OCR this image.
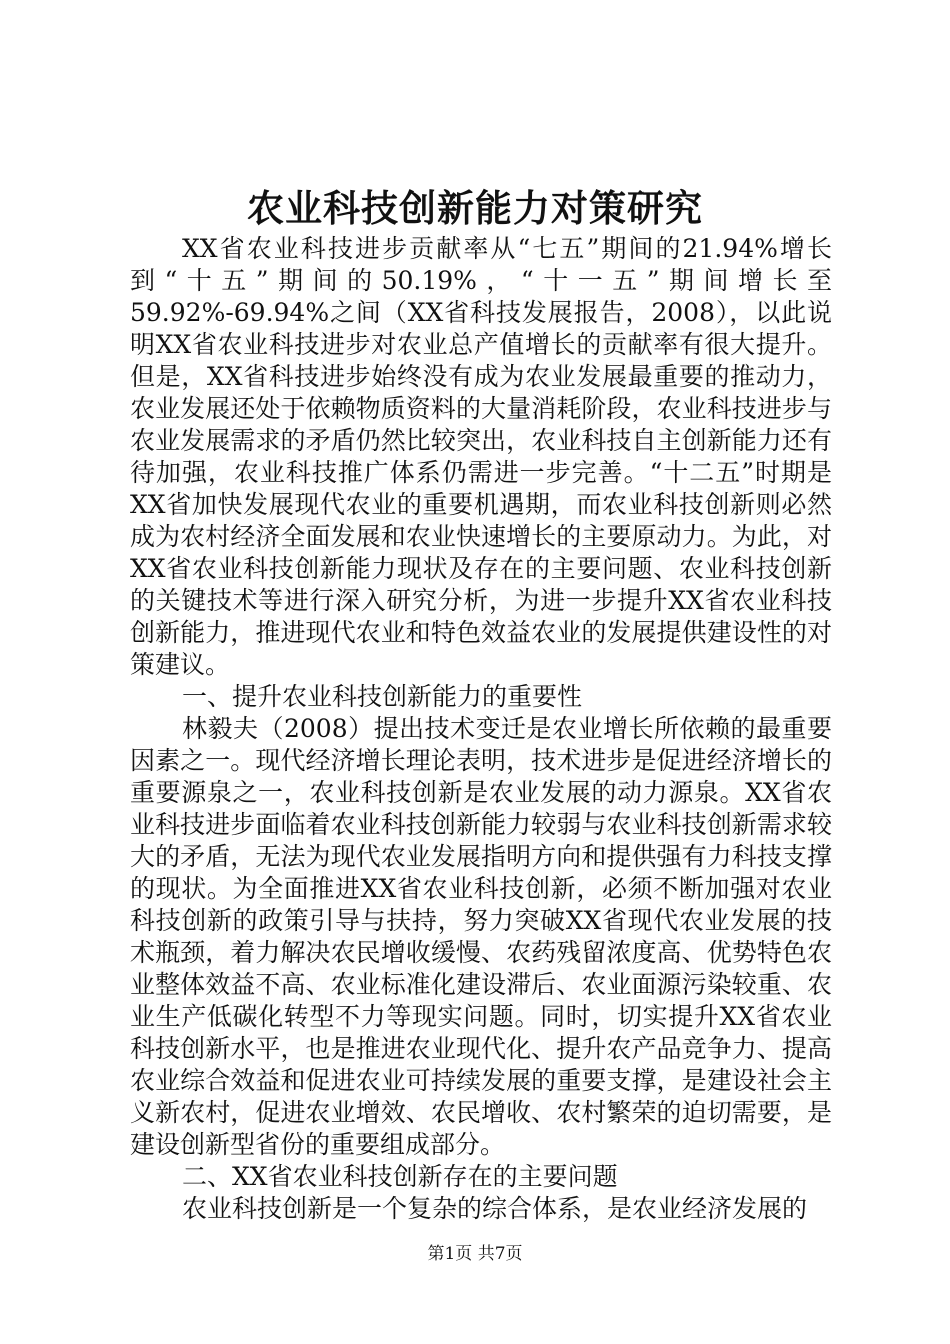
农业科技创新能力对策研究

XX省农业科技进步贡献率从“七五”期间的21.94%增长到“十五”期间的50.19%，“十一五”期间增长至59.92%-69.94%之间（XX省科技发展报告，2008），以此说明XX省农业科技进步对农业总产值增长的贡献率有很大提升。但是，XX省科技进步始终没有成为农业发展最重要的推动力，农业发展还处于依赖物质资料的大量消耗阶段，农业科技进步与农业发展需求的矛盾仍然比较突出，农业科技自主创新能力还有待加强，农业科技推广体系仍需进一步完善。“十二五”时期是XX省加快发展现代农业的重要机遇期，而农业科技创新则必然成为农村经济全面发展和农业快速增长的主要原动力。为此，对XX省农业科技创新能力现状及存在的主要问题、农业科技创新的关键技术等进行深入研究分析，为进一步提升XX省农业科技创新能力，推进现代农业和特色效益农业的发展提供建设性的对策建议。

一、提升农业科技创新能力的重要性

林毅夫（2008）提出技术变迁是农业增长所依赖的最重要因素之一。现代经济增长理论表明，技术进步是促进经济增长的重要源泉之一，农业科技创新是农业发展的动力源泉。XX省农业科技进步面临着农业科技创新能力较弱与农业科技创新需求较大的矛盾，无法为现代农业发展指明方向和提供强有力科技支撑的现状。为全面推进XX省农业科技创新，必须不断加强对农业科技创新的政策引导与扶持，努力突破XX省现代农业发展的技术瓶颈，着力解决农民增收缓慢、农药残留浓度高、优势特色农业整体效益不高、农业标准化建设滞后、农业面源污染较重、农业生产低碳化转型不力等现实问题。同时，切实提升XX省农业科技创新水平，也是推进农业现代化、提升农产品竞争力、提高农业综合效益和促进农业可持续发展的重要支撑，是建设社会主义新农村，促进农业增效、农民增收、农村繁荣的迫切需要，是建设创新型省份的重要组成部分。

二、XX省农业科技创新存在的主要问题

农业科技创新是一个复杂的综合体系，是农业经济发展的

第1页 共7页
